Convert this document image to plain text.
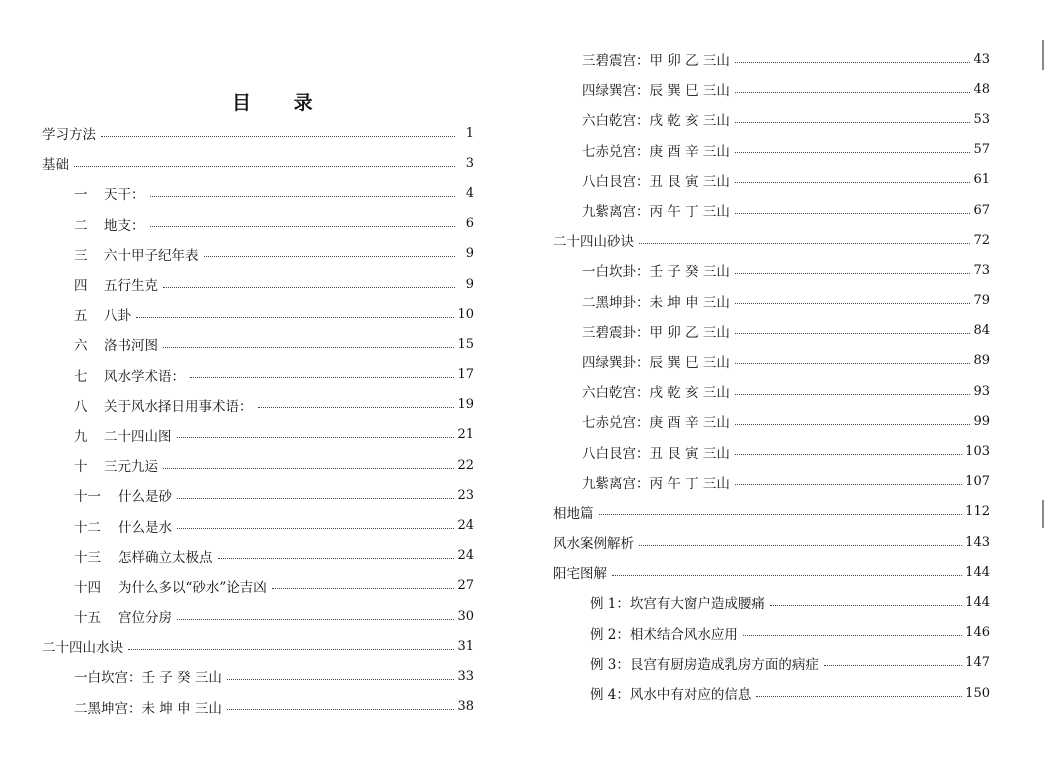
目 录
学习方法	1
基础	3
一	天干：	4
二	地支：	6
三	六十甲子纪年表	9
四	五行生克	9
五	八卦	10
六	洛书河图	15
七	风水学术语：	17
八	关于风水择日用事术语：	19
九	二十四山图	21
十	三元九运	22
十一	什么是砂	23
十二	什么是水	24
十三	怎样确立太极点	24
十四	为什么多以“砂水”论吉凶	27
十五	宫位分房	30
二十四山水诀	31
一白坎宫：壬 子 癸 三山	33
二黑坤宫：未 坤 申 三山	38
三碧震宫：甲 卯 乙 三山	43
四绿巽宫：辰 巽 巳 三山	48
六白乾宫：戌 乾 亥 三山	53
七赤兑宫：庚 酉 辛 三山	57
八白艮宫：丑 艮 寅 三山	61
九紫离宫：丙 午 丁 三山	67
二十四山砂诀	72
一白坎卦：壬 子 癸 三山	73
二黑坤卦：未 坤 申 三山	79
三碧震卦：甲 卯 乙 三山	84
四绿巽卦：辰 巽 巳 三山	89
六白乾宫：戌 乾 亥 三山	93
七赤兑宫：庚 酉 辛 三山	99
八白艮宫：丑 艮 寅 三山	103
九紫离宫：丙 午 丁 三山	107
相地篇	112
风水案例解析	143
阳宅图解	144
例 1：坎宫有大窗户造成腰痛	144
例 2：相术结合风水应用	146
例 3：艮宫有厨房造成乳房方面的病症	147
例 4：风水中有对应的信息	150
